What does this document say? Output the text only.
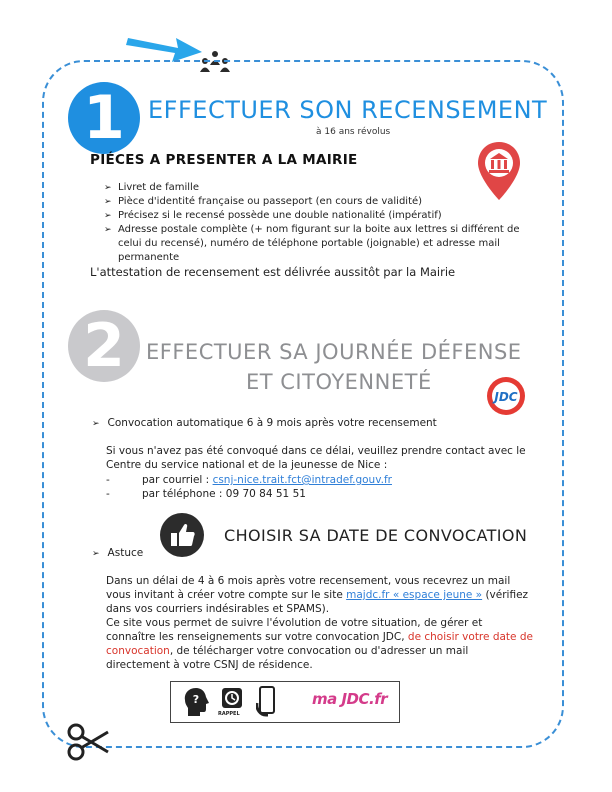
1 EFFECTUER SON RECENSEMENT
à 16 ans révolus
PIÉCES A PRESENTER A LA MAIRIE
➢ Livret de famille
➢ Pièce d'identité française ou passeport (en cours de validité)
➢ Précisez si le recensé possède une double nationalité (impératif)
➢ Adresse postale complète (+ nom figurant sur la boite aux lettres si différent de celui du recensé), numéro de téléphone portable (joignable) et adresse mail permanente
L'attestation de recensement est délivrée aussitôt par la Mairie
2	EFFECTUER SA JOURNÉE DÉFENSE
ET CITOYENNETÉ
JDC
➢ Convocation automatique 6 à 9 mois après votre recensement
Si vous n'avez pas été convoqué dans ce délai, veuillez prendre contact avec le Centre du service national et de la jeunesse de Nice :
-	par courriel : csnj-nice.trait.fct@intradef.gouv.fr
-	par téléphone : 09 70 84 51 51
CHOISIR SA DATE DE CONVOCATION
➢ Astuce
Dans un délai de 4 à 6 mois après votre recensement, vous recevrez un mail vous invitant à créer votre compte sur le site majdc.fr « espace jeune » (vérifiez dans vos courriers indésirables et SPAMS).
Ce site vous permet de suivre l'évolution de votre situation, de gérer et connaître les renseignements sur votre convocation JDC, de choisir votre date de convocation, de télécharger votre convocation ou d'adresser un mail directement à votre CSNJ de résidence.
?
RAPPEL
ma JDC.fr
